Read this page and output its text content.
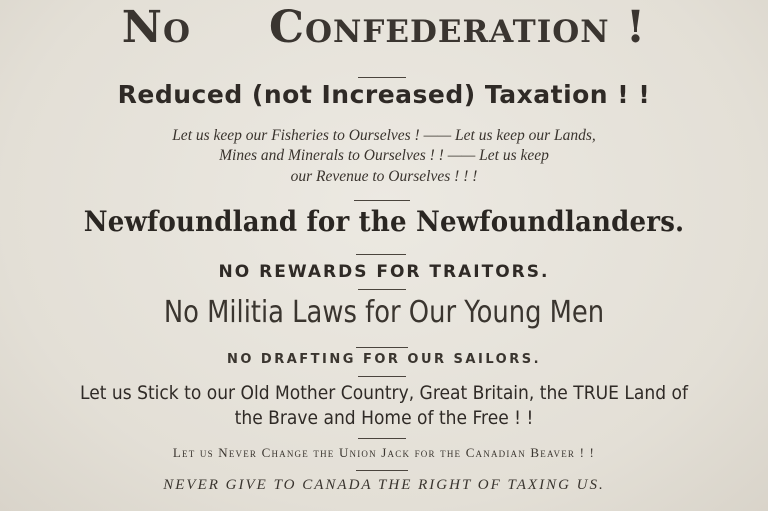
No Confederation !

Reduced (not Increased) Taxation ! !

Let us keep our Fisheries to Ourselves ! —— Let us keep our Lands,

Mines and Minerals to Ourselves ! ! —— Let us keep

our Revenue to Ourselves ! ! !

Newfoundland for the Newfoundlanders.

NO REWARDS FOR TRAITORS.

No Militia Laws for Our Young Men

NO DRAFTING FOR OUR SAILORS.

Let us Stick to our Old Mother Country, Great Britain, the TRUE Land of

the Brave and Home of the Free ! !

Let us Never Change the Union Jack for the Canadian Beaver ! !

NEVER GIVE TO CANADA THE RIGHT OF TAXING US.
